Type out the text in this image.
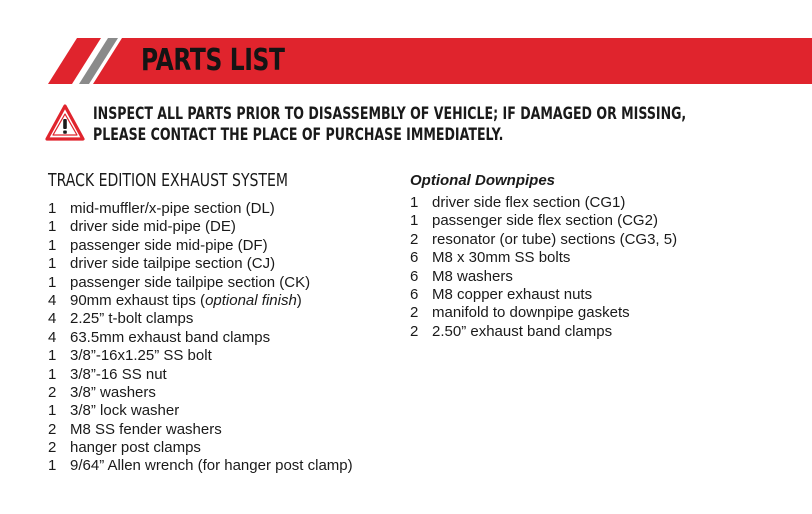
PARTS LIST
INSPECT ALL PARTS PRIOR TO DISASSEMBLY OF VEHICLE; IF DAMAGED OR MISSING,
PLEASE CONTACT THE PLACE OF PURCHASE IMMEDIATELY.
TRACK EDITION EXHAUST SYSTEM
1 mid-muffler/x-pipe section (DL)
1 driver side mid-pipe (DE)
1 passenger side mid-pipe (DF)
1 driver side tailpipe section (CJ)
1 passenger side tailpipe section (CK)
4 90mm exhaust tips (optional finish)
4 2.25” t-bolt clamps
4 63.5mm exhaust band clamps
1 3/8”-16x1.25” SS bolt
1 3/8”-16 SS nut
2 3/8” washers
1 3/8” lock washer
2 M8 SS fender washers
2 hanger post clamps
1 9/64” Allen wrench (for hanger post clamp)
Optional Downpipes
1 driver side flex section (CG1)
1 passenger side flex section (CG2)
2 resonator (or tube) sections (CG3, 5)
6 M8 x 30mm SS bolts
6 M8 washers
6 M8 copper exhaust nuts
2 manifold to downpipe gaskets
2 2.50” exhaust band clamps
